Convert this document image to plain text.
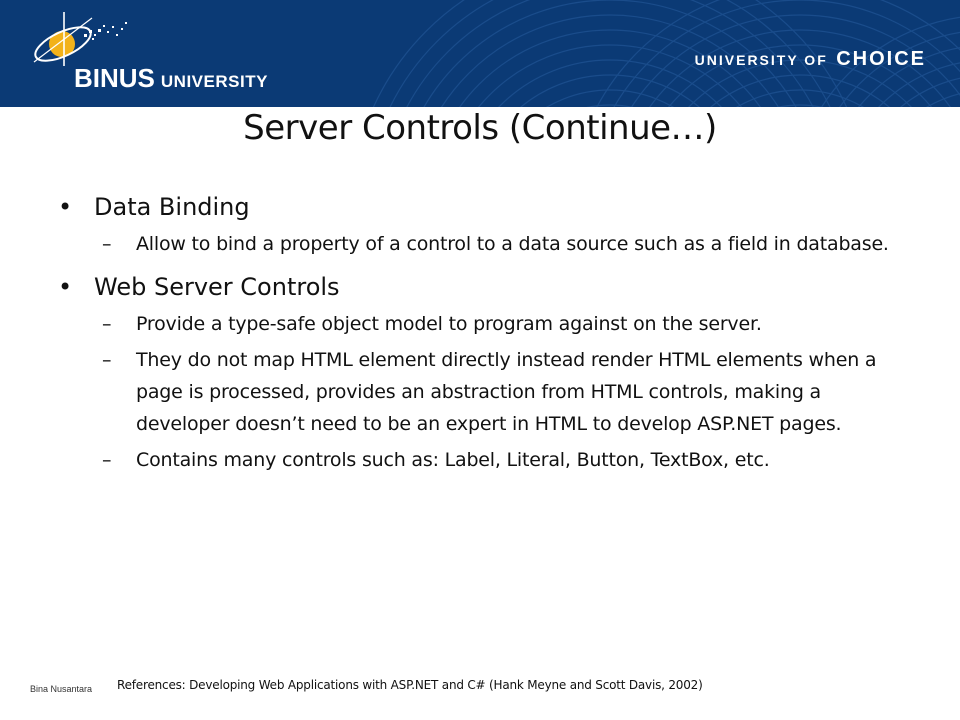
BINUS UNIVERSITY
UNIVERSITY OF CHOICE
Server Controls (Continue…)
• Data Binding
– Allow to bind a property of a control to a data source such as a field in database.
• Web Server Controls
– Provide a type-safe object model to program against on the server.
– They do not map HTML element directly instead render HTML elements when a page is processed, provides an abstraction from HTML controls, making a developer doesn’t need to be an expert in HTML to develop ASP.NET pages.
– Contains many controls such as: Label, Literal, Button, TextBox, etc.
Bina Nusantara References: Developing Web Applications with ASP.NET and C# (Hank Meyne and Scott Davis, 2002)
